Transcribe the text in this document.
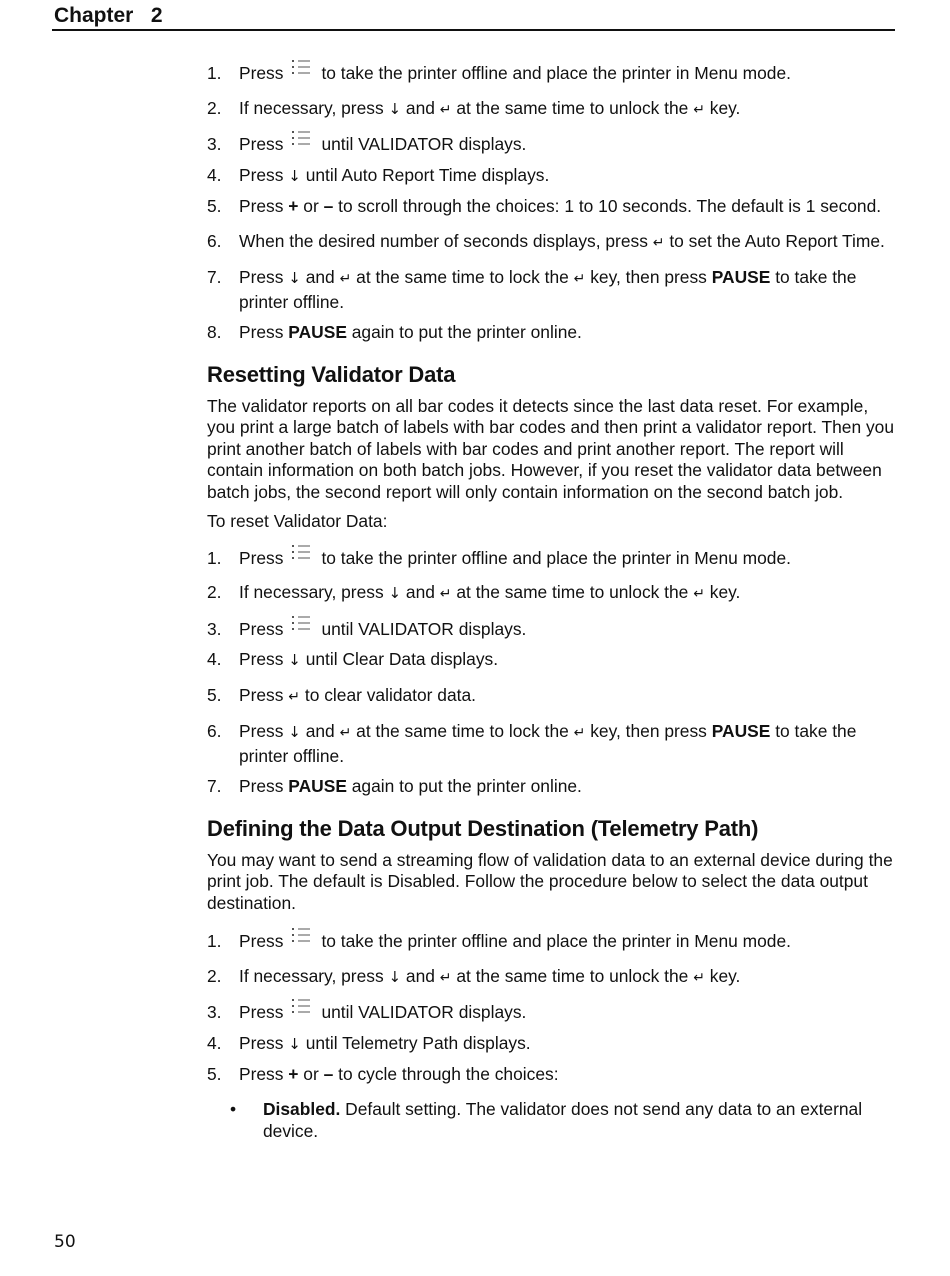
Chapter   2
1.	Press to take the printer offline and place the printer in Menu mode.
2.	If necessary, press ↓ and ↵ at the same time to unlock the ↵ key.
3.	Press until VALIDATOR displays.
4.	Press ↓ until Auto Report Time displays.
5.	Press + or – to scroll through the choices: 1 to 10 seconds. The default is 1 second.
6.	When the desired number of seconds displays, press ↵ to set the Auto Report Time.
7.	Press ↓ and ↵ at the same time to lock the ↵ key, then press PAUSE to take the printer offline.
8.	Press PAUSE again to put the printer online.
Resetting Validator Data

The validator reports on all bar codes it detects since the last data reset. For example, you print a large batch of labels with bar codes and then print a validator report. Then you print another batch of labels with bar codes and print another report. The report will contain information on both batch jobs. However, if you reset the validator data between batch jobs, the second report will only contain information on the second batch job.

To reset Validator Data:

1.	Press to take the printer offline and place the printer in Menu mode.
2.	If necessary, press ↓ and ↵ at the same time to unlock the ↵ key.
3.	Press until VALIDATOR displays.
4.	Press ↓ until Clear Data displays.
5.	Press ↵ to clear validator data.
6.	Press ↓ and ↵ at the same time to lock the ↵ key, then press PAUSE to take the printer offline.
7.	Press PAUSE again to put the printer online.
Defining the Data Output Destination (Telemetry Path)

You may want to send a streaming flow of validation data to an external device during the print job. The default is Disabled. Follow the procedure below to select the data output destination.

1.	Press to take the printer offline and place the printer in Menu mode.
2.	If necessary, press ↓ and ↵ at the same time to unlock the ↵ key.
3.	Press until VALIDATOR displays.
4.	Press ↓ until Telemetry Path displays.
5.	Press + or – to cycle through the choices:
• Disabled. Default setting. The validator does not send any data to an external device.
50
